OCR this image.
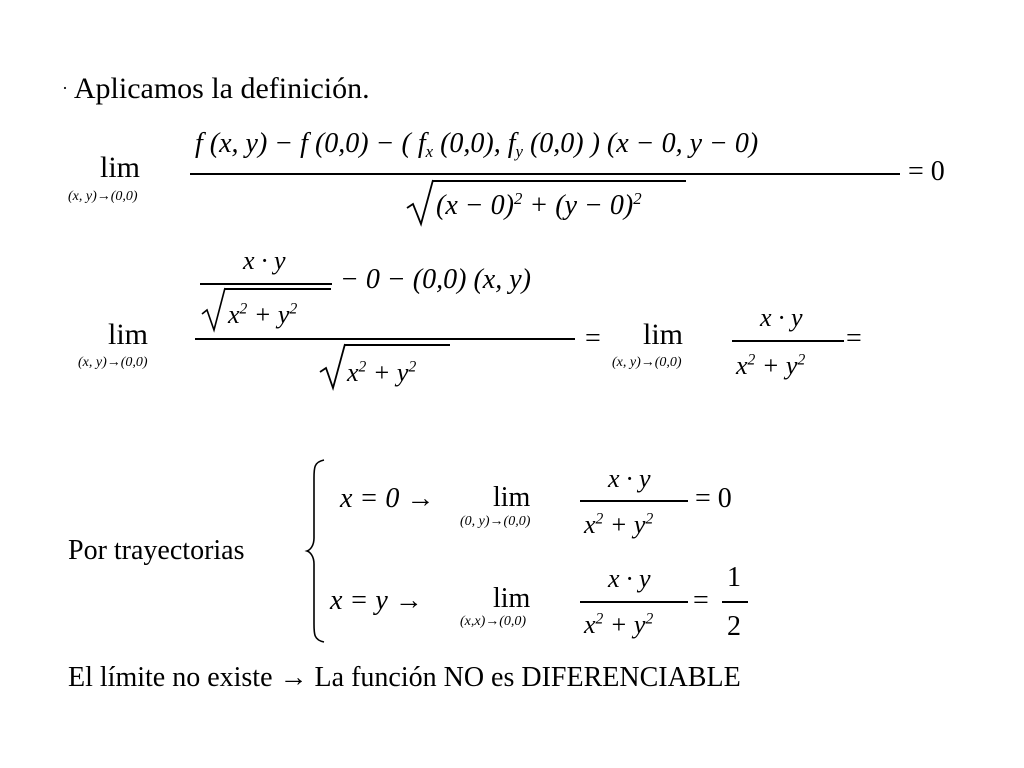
· Aplicamos la definición.
lim
(x, y)→(0,0)
f (x, y) − f (0,0) − ( $f_x$ (0,0), $f_y$ (0,0) ) (x − 0, y − 0)
$(x - 0)^2 + (y - 0)^2$
= 0
lim
(x, y)→(0,0)
x · y
$x^2 + y^2$
− 0 − (0,0) (x, y)
$x^2 + y^2$
= lim
(x, y)→(0,0)
x · y
$x^2 + y^2$
=
Por trayectorias
x = 0 → lim
(0, y)→(0,0)
x · y
$x^2 + y^2$
= 0
x = y →	lim
(x,x)→(0,0)
x · y
$x^2 + y^2$
=
1
2
El límite no existe → La función NO es DIFERENCIABLE
